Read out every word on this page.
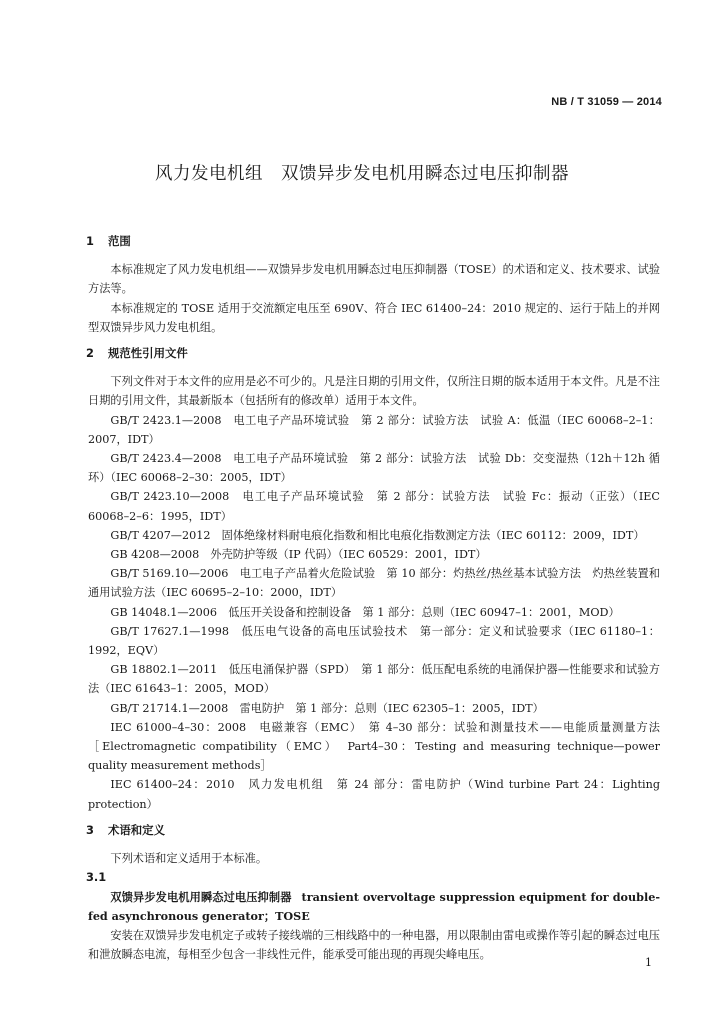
NB / T 31059 — 2014
风力发电机组　双馈异步发电机用瞬态过电压抑制器
1 范围

本标准规定了风力发电机组——双馈异步发电机用瞬态过电压抑制器（TOSE）的术语和定义、技术要求、试验方法等。

本标准规定的 TOSE 适用于交流额定电压至 690V、符合 IEC 61400–24：2010 规定的、运行于陆上的并网型双馈异步风力发电机组。

2 规范性引用文件

下列文件对于本文件的应用是必不可少的。凡是注日期的引用文件，仅所注日期的版本适用于本文件。凡是不注日期的引用文件，其最新版本（包括所有的修改单）适用于本文件。

GB/T 2423.1—2008　电工电子产品环境试验　第 2 部分：试验方法　试验 A：低温（IEC 60068–2–1：2007，IDT）

GB/T 2423.4—2008　电工电子产品环境试验　第 2 部分：试验方法　试验 Db：交变湿热（12h＋12h 循环）（IEC 60068–2–30：2005，IDT）

GB/T 2423.10—2008　电工电子产品环境试验　第 2 部分：试验方法　试验 Fc：振动（正弦）（IEC 60068–2–6：1995，IDT）

GB/T 4207—2012　固体绝缘材料耐电痕化指数和相比电痕化指数测定方法（IEC 60112：2009，IDT）

GB 4208—2008　外壳防护等级（IP 代码）（IEC 60529：2001，IDT）

GB/T 5169.10—2006　电工电子产品着火危险试验　第 10 部分：灼热丝/热丝基本试验方法　灼热丝装置和通用试验方法（IEC 60695–2–10：2000，IDT）

GB 14048.1—2006　低压开关设备和控制设备　第 1 部分：总则（IEC 60947–1：2001，MOD）

GB/T 17627.1—1998　低压电气设备的高电压试验技术　第一部分：定义和试验要求（IEC 61180–1：1992，EQV）

GB 18802.1—2011　低压电涌保护器（SPD）　第 1 部分：低压配电系统的电涌保护器—性能要求和试验方法（IEC 61643–1：2005，MOD）

GB/T 21714.1—2008　雷电防护　第 1 部分：总则（IEC 62305–1：2005，IDT）

IEC 61000–4–30：2008　电磁兼容（EMC）　第 4–30 部分：试验和测量技术——电能质量测量方法［Electromagnetic compatibility（EMC）　Part4–30：Testing and measuring technique—power quality measurement methods］

IEC 61400–24：2010　风力发电机组　第 24 部分：雷电防护（Wind turbine Part 24：Lighting protection）

3 术语和定义

下列术语和定义适用于本标准。

3.1

双馈异步发电机用瞬态过电压抑制器 transient overvoltage suppression equipment for double-fed asynchronous generator；TOSE

安装在双馈异步发电机定子或转子接线端的三相线路中的一种电器，用以限制由雷电或操作等引起的瞬态过电压和泄放瞬态电流，每相至少包含一非线性元件，能承受可能出现的再现尖峰电压。

1
